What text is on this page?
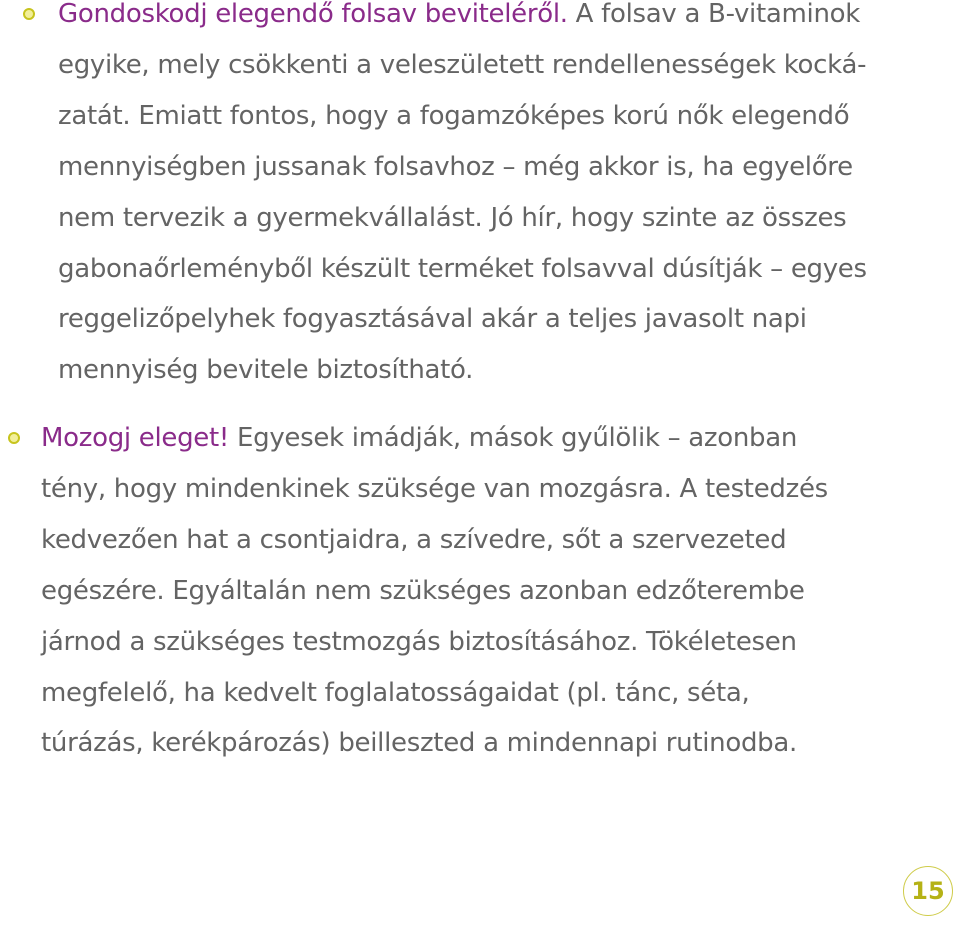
Gondoskodj elegendő folsav beviteléről. A folsav a B-vitaminok
egyike, mely csökkenti a veleszületett rendellenességek kocká-
zatát. Emiatt fontos, hogy a fogamzóképes korú nők elegendő
mennyiségben jussanak folsavhoz – még akkor is, ha egyelőre
nem tervezik a gyermekvállalást. Jó hír, hogy szinte az összes
gabonaőrleményből készült terméket folsavval dúsítják – egyes
reggelizőpelyhek fogyasztásával akár a teljes javasolt napi
mennyiség bevitele biztosítható.

Mozogj eleget! Egyesek imádják, mások gyűlölik – azonban
tény, hogy mindenkinek szüksége van mozgásra. A testedzés
kedvezően hat a csontjaidra, a szívedre, sőt a szervezeted
egészére. Egyáltalán nem szükséges azonban edzőterembe
járnod a szükséges testmozgás biztosításához. Tökéletesen
megfelelő, ha kedvelt foglalatosságaidat (pl. tánc, séta,
túrázás, kerékpározás) beilleszted a mindennapi rutinodba.

15
